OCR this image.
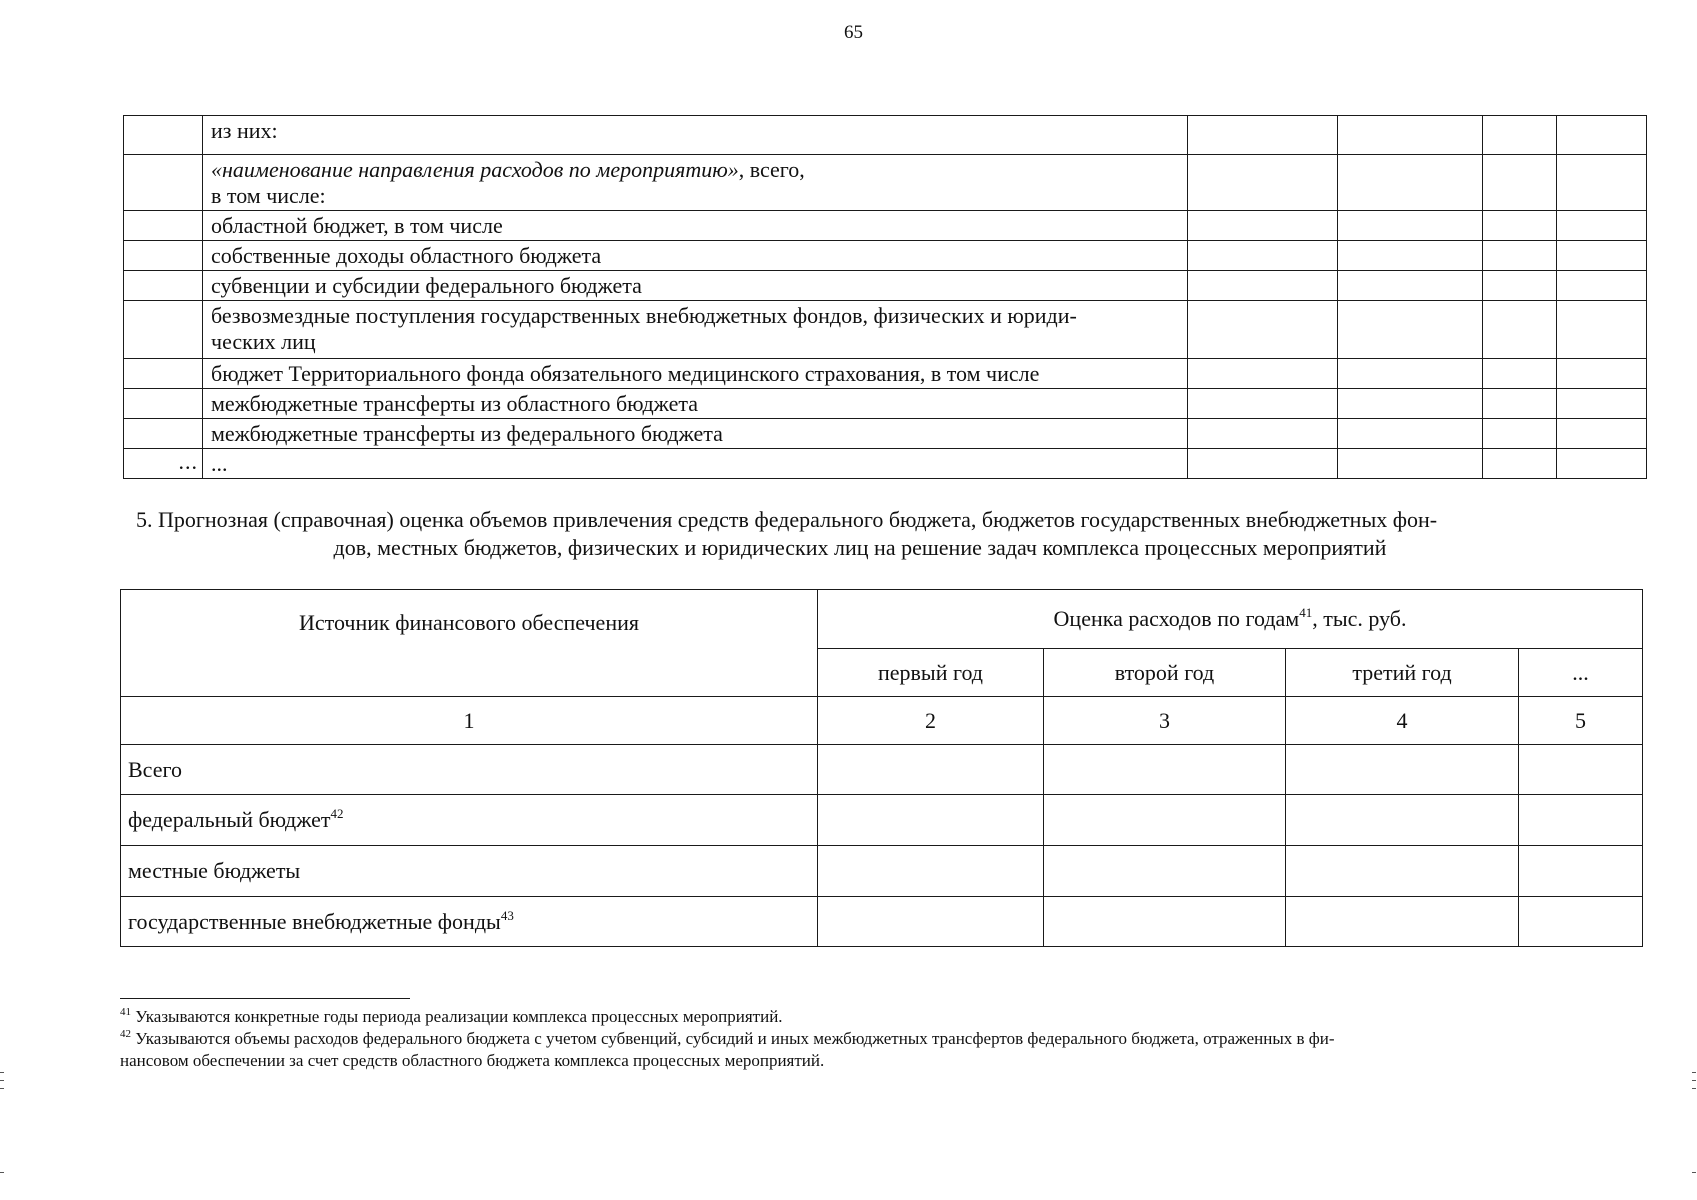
65
	из них:				
	«наименование направления расходов по мероприятию», всего,
в том числе:				
	областной бюджет, в том числе				
	собственные доходы областного бюджета				
	субвенции и субсидии федерального бюджета				
	безвозмездные поступления государственных внебюджетных фондов, физических и юриди-
ческих лиц				
	бюджет Территориального фонда обязательного медицинского страхования, в том числе				
	межбюджетные трансферты из областного бюджета				
	межбюджетные трансферты из федерального бюджета				
...	...				
5. Прогнозная (справочная) оценка объемов привлечения средств федерального бюджета, бюджетов государственных внебюджетных фон-
дов, местных бюджетов, физических и юридических лиц на решение задач комплекса процессных мероприятий
Источник финансового обеспечения	Оценка расходов по годам$^{41}$, тыс. руб.			
	первый год	второй год	третий год	...
1	2	3	4	5
Всего				
федеральный бюджет$^{42}$				
местные бюджеты				
государственные внебюджетные фонды$^{43}$				

$^{41}$ Указываются конкретные годы периода реализации комплекса процессных мероприятий.

$^{42}$ Указываются объемы расходов федерального бюджета с учетом субвенций, субсидий и иных межбюджетных трансфертов федерального бюджета, отраженных в фи-
нансовом обеспечении за счет средств областного бюджета комплекса процессных мероприятий.
